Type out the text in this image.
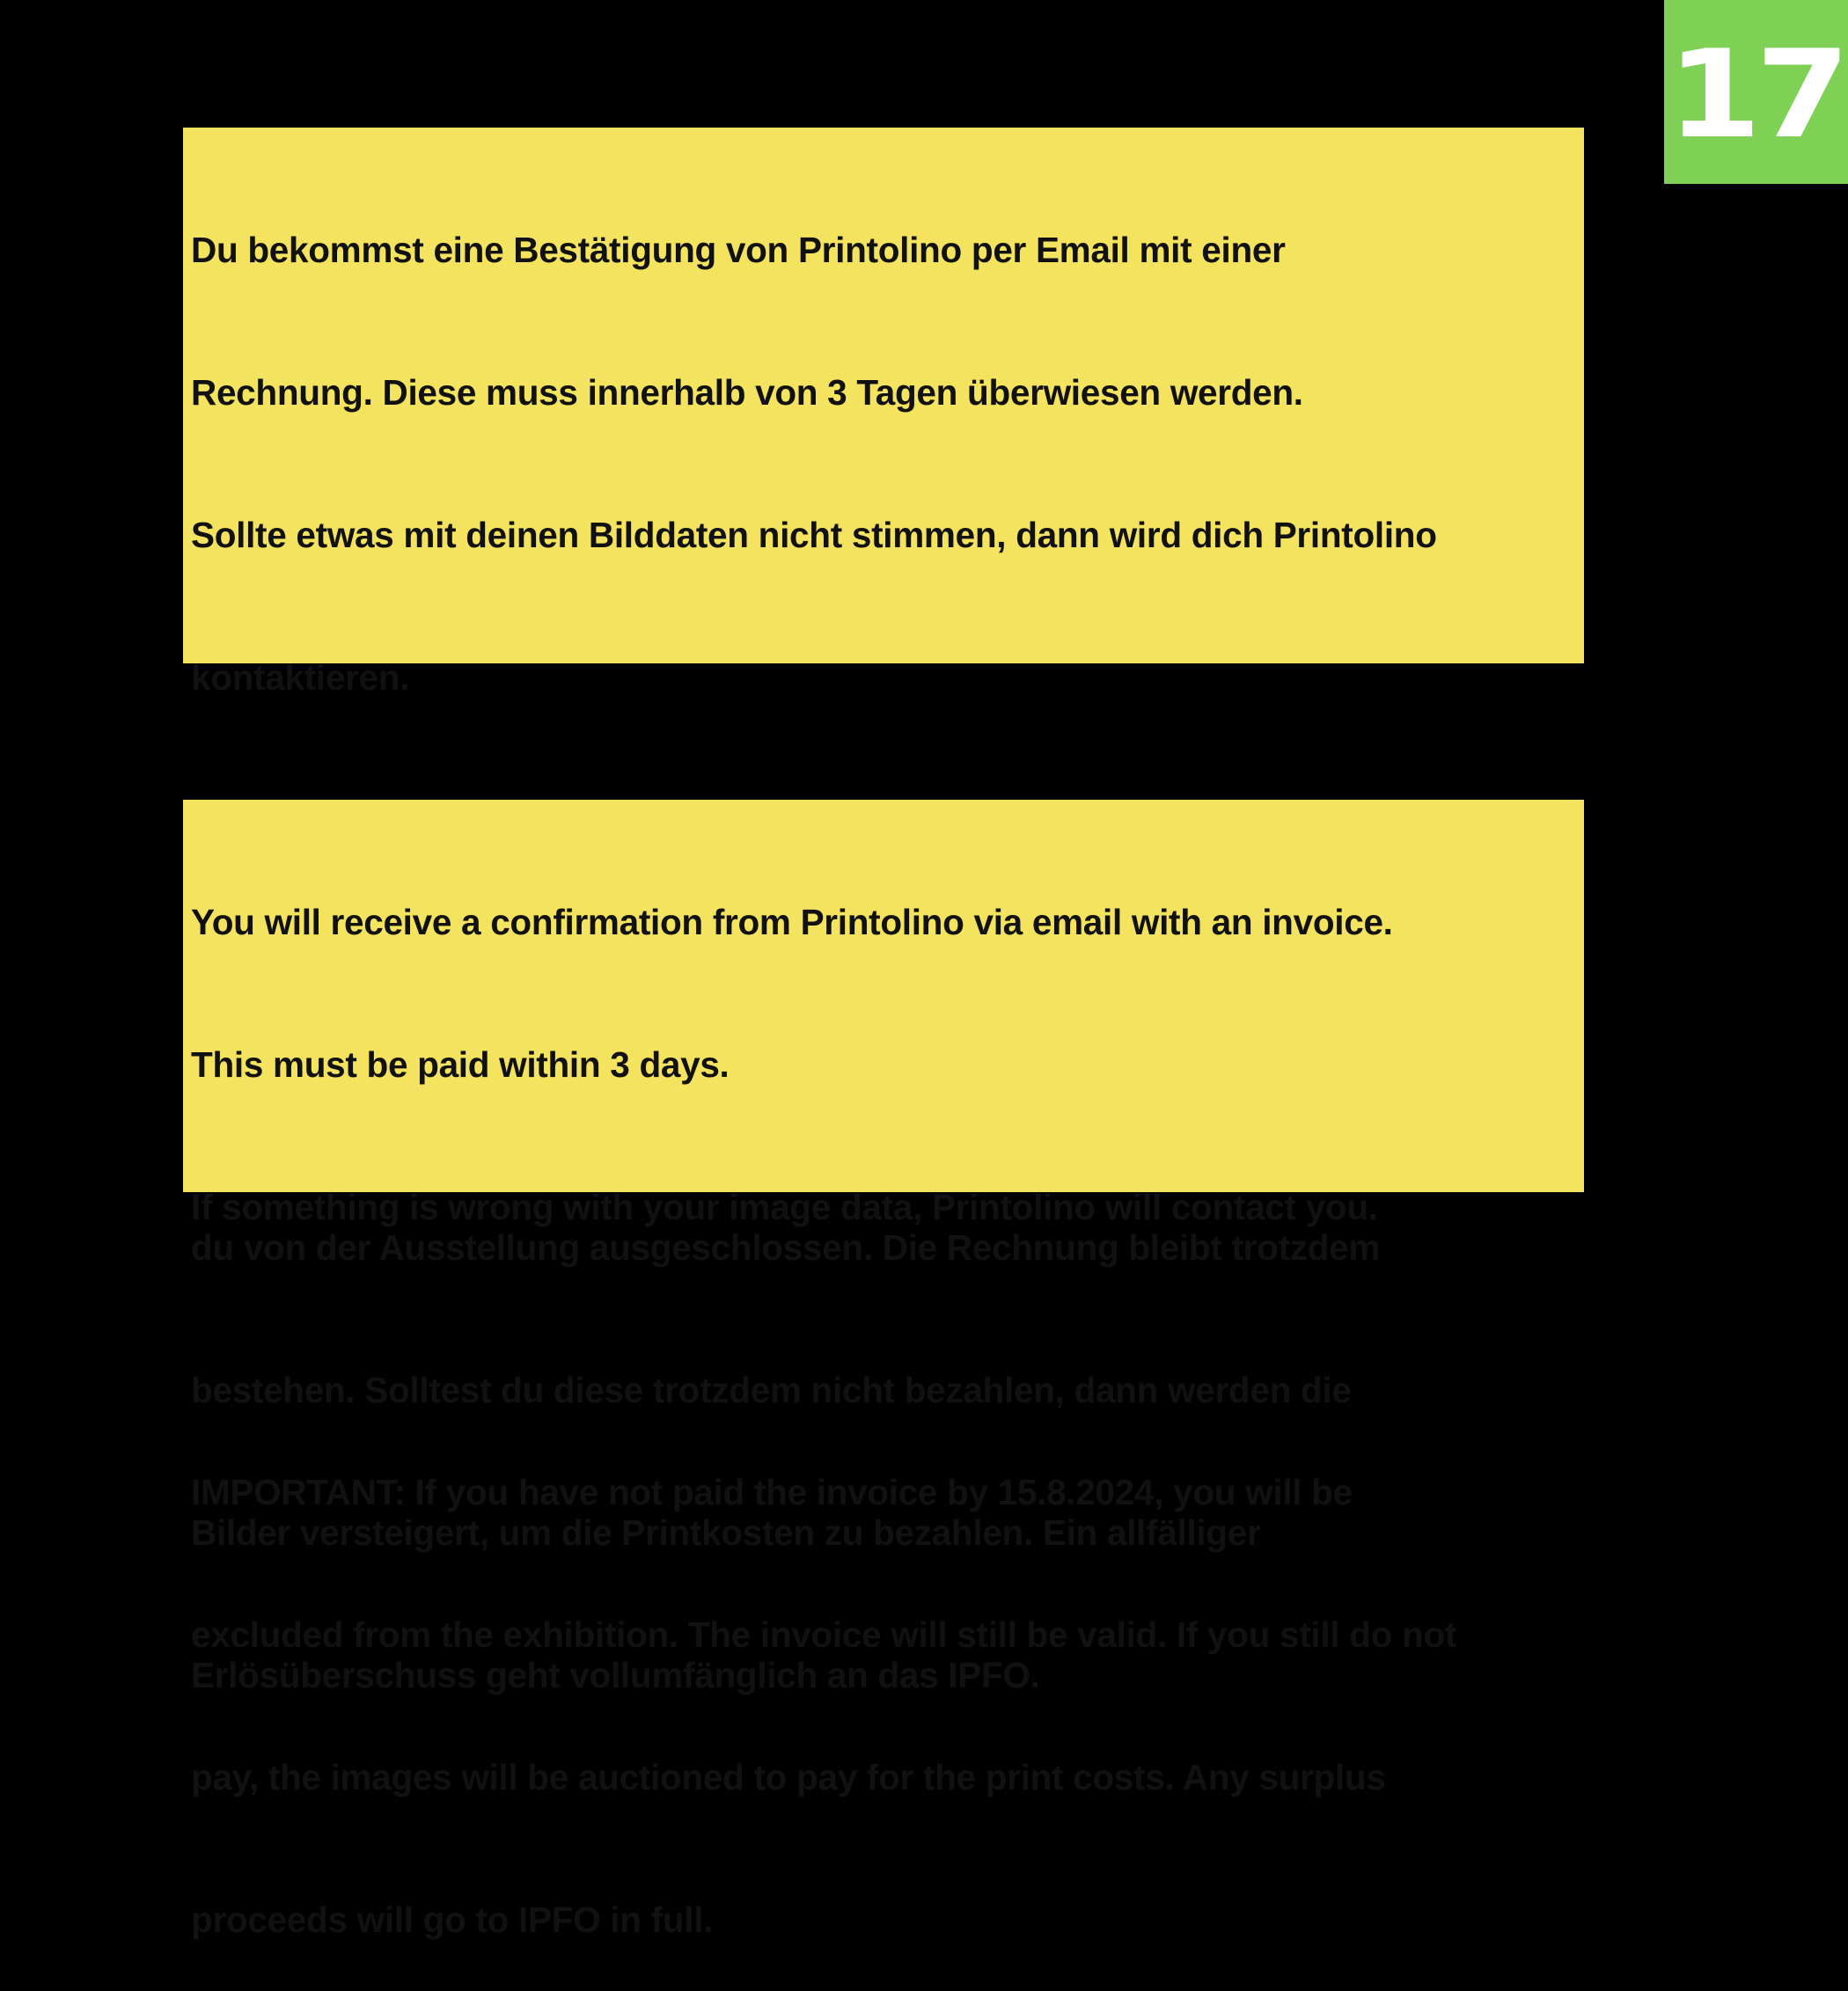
17

Du bekommst eine Bestätigung von Printolino per Email mit einer

Rechnung. Diese muss innerhalb von 3 Tagen überwiesen werden.

Sollte etwas mit deinen Bilddaten nicht stimmen, dann wird dich Printolino

kontaktieren.

du von der Ausstellung ausgeschlossen. Die Rechnung bleibt trotzdem

bestehen. Solltest du diese trotzdem nicht bezahlen, dann werden die

Bilder versteigert, um die Printkosten zu bezahlen. Ein allfälliger

Erlösüberschuss geht vollumfänglich an das IPFO.

You will receive a confirmation from Printolino via email with an invoice.

This must be paid within 3 days.

If something is wrong with your image data, Printolino will contact you.

IMPORTANT: If you have not paid the invoice by 15.8.2024, you will be

excluded from the exhibition. The invoice will still be valid. If you still do not

pay, the images will be auctioned to pay for the print costs. Any surplus

proceeds will go to IPFO in full.
